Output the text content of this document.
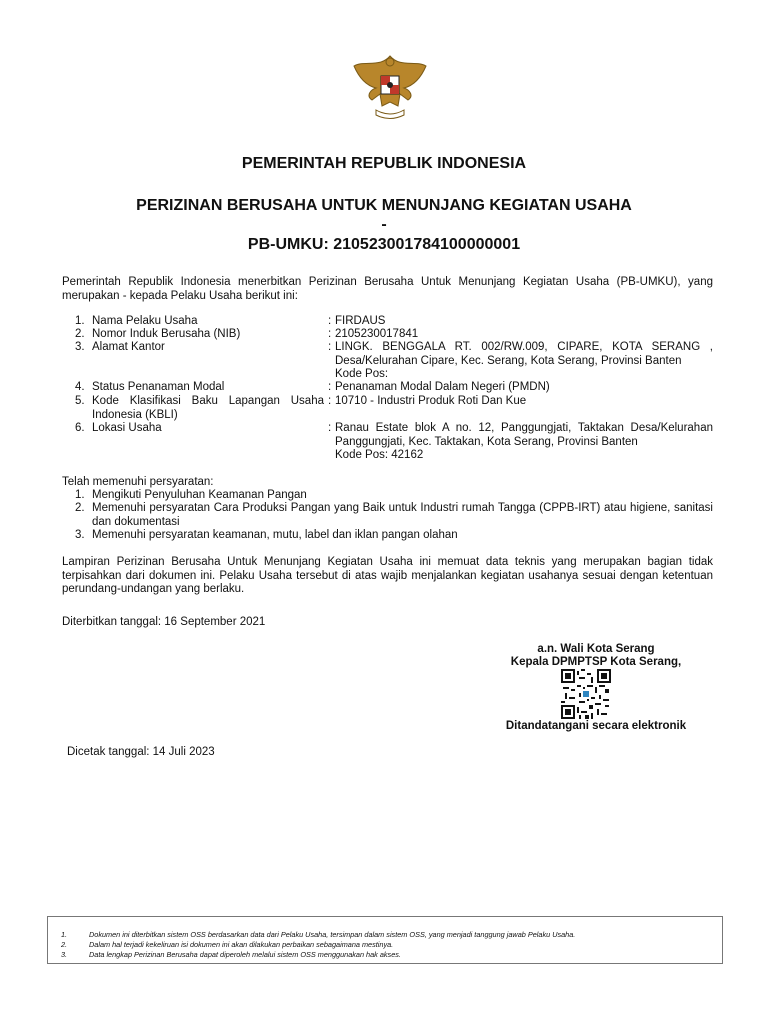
PEMERINTAH REPUBLIK INDONESIA
PERIZINAN BERUSAHA UNTUK MENUNJANG KEGIATAN USAHA
-
PB-UMKU: 210523001784100000001
Pemerintah Republik Indonesia menerbitkan Perizinan Berusaha Untuk Menunjang Kegiatan Usaha (PB-UMKU), yang merupakan - kepada Pelaku Usaha berikut ini:
1. Nama Pelaku Usaha	: FIRDAUS
2. Nomor Induk Berusaha (NIB)	: 2105230017841
3. Alamat Kantor	: LINGK. BENGGALA RT. 002/RW.009, CIPARE, KOTA SERANG , Desa/Kelurahan Cipare, Kec. Serang, Kota Serang, Provinsi Banten
Kode Pos:
4. Status Penanaman Modal	: Penanaman Modal Dalam Negeri (PMDN)
5. Kode Klasifikasi Baku Lapangan Usaha Indonesia (KBLI)
: 10710 - Industri Produk Roti Dan Kue
6. Lokasi Usaha	: Ranau Estate blok A no. 12, Panggungjati, Taktakan Desa/Kelurahan Panggungjati, Kec. Taktakan, Kota Serang, Provinsi Banten
Kode Pos: 42162
Telah memenuhi persyaratan:
1. Mengikuti Penyuluhan Keamanan Pangan
2. Memenuhi persyaratan Cara Produksi Pangan yang Baik untuk Industri rumah Tangga (CPPB-IRT) atau higiene, sanitasi dan dokumentasi
3. Memenuhi persyaratan keamanan, mutu, label dan iklan pangan olahan
Lampiran Perizinan Berusaha Untuk Menunjang Kegiatan Usaha ini memuat data teknis yang merupakan bagian tidak terpisahkan dari dokumen ini. Pelaku Usaha tersebut di atas wajib menjalankan kegiatan usahanya sesuai dengan ketentuan perundang-undangan yang berlaku.
Diterbitkan tanggal: 16 September 2021
a.n. Wali Kota Serang
Kepala DPMPTSP Kota Serang,
Ditandatangani secara elektronik
Dicetak tanggal: 14 Juli 2023
1.	Dokumen ini diterbitkan sistem OSS berdasarkan data dari Pelaku Usaha, tersimpan dalam sistem OSS, yang menjadi tanggung jawab Pelaku Usaha.
2.	Dalam hal terjadi kekeliruan isi dokumen ini akan dilakukan perbaikan sebagaimana mestinya.
3.	Data lengkap Perizinan Berusaha dapat diperoleh melalui sistem OSS menggunakan hak akses.
